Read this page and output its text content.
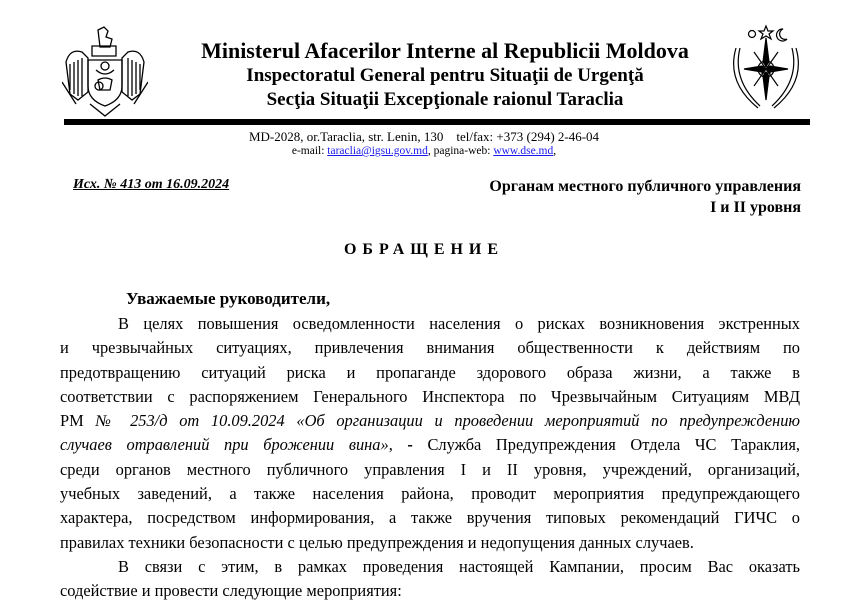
Ministerul Afacerilor Interne al Republicii Moldova
Inspectoratul General pentru Situaţii de Urgenţă
Secţia Situaţii Excepţionale raionul Taraclia
MD-2028, or.Taraclia, str. Lenin, 130    tel/fax: +373 (294) 2-46-04
e-mail: taraclia@igsu.gov.md, pagina-web: www.dse.md,
Исх. № 413 от 16.09.2024	Органам местного публичного управления
I и II уровня
ОБРАЩЕНИЕ
Уважаемые руководители,
В целях повышения осведомленности населения о рисках возникновения экстренных
и чрезвычайных ситуациях, привлечения внимания общественности к действиям по
предотвращению ситуаций риска и пропаганде здорового образа жизни, а также в
соответствии с распоряжением Генерального Инспектора по Чрезвычайным Ситуациям МВД
РМ № 253/д от 10.09.2024 «Об организации и проведении мероприятий по предупреждению
случаев отравлений при брожении вина», - Служба Предупреждения Отдела ЧС Тараклия,
среди органов местного публичного управления I и II уровня, учреждений, организаций,
учебных заведений, а также населения района, проводит мероприятия предупреждающего
характера, посредством информирования, а также вручения типовых рекомендаций ГИЧС о
правилах техники безопасности с целью предупреждения и недопущения данных случаев.
В связи с этим, в рамках проведения настоящей Кампании, просим Вас оказать
содействие и провести следующие мероприятия:
